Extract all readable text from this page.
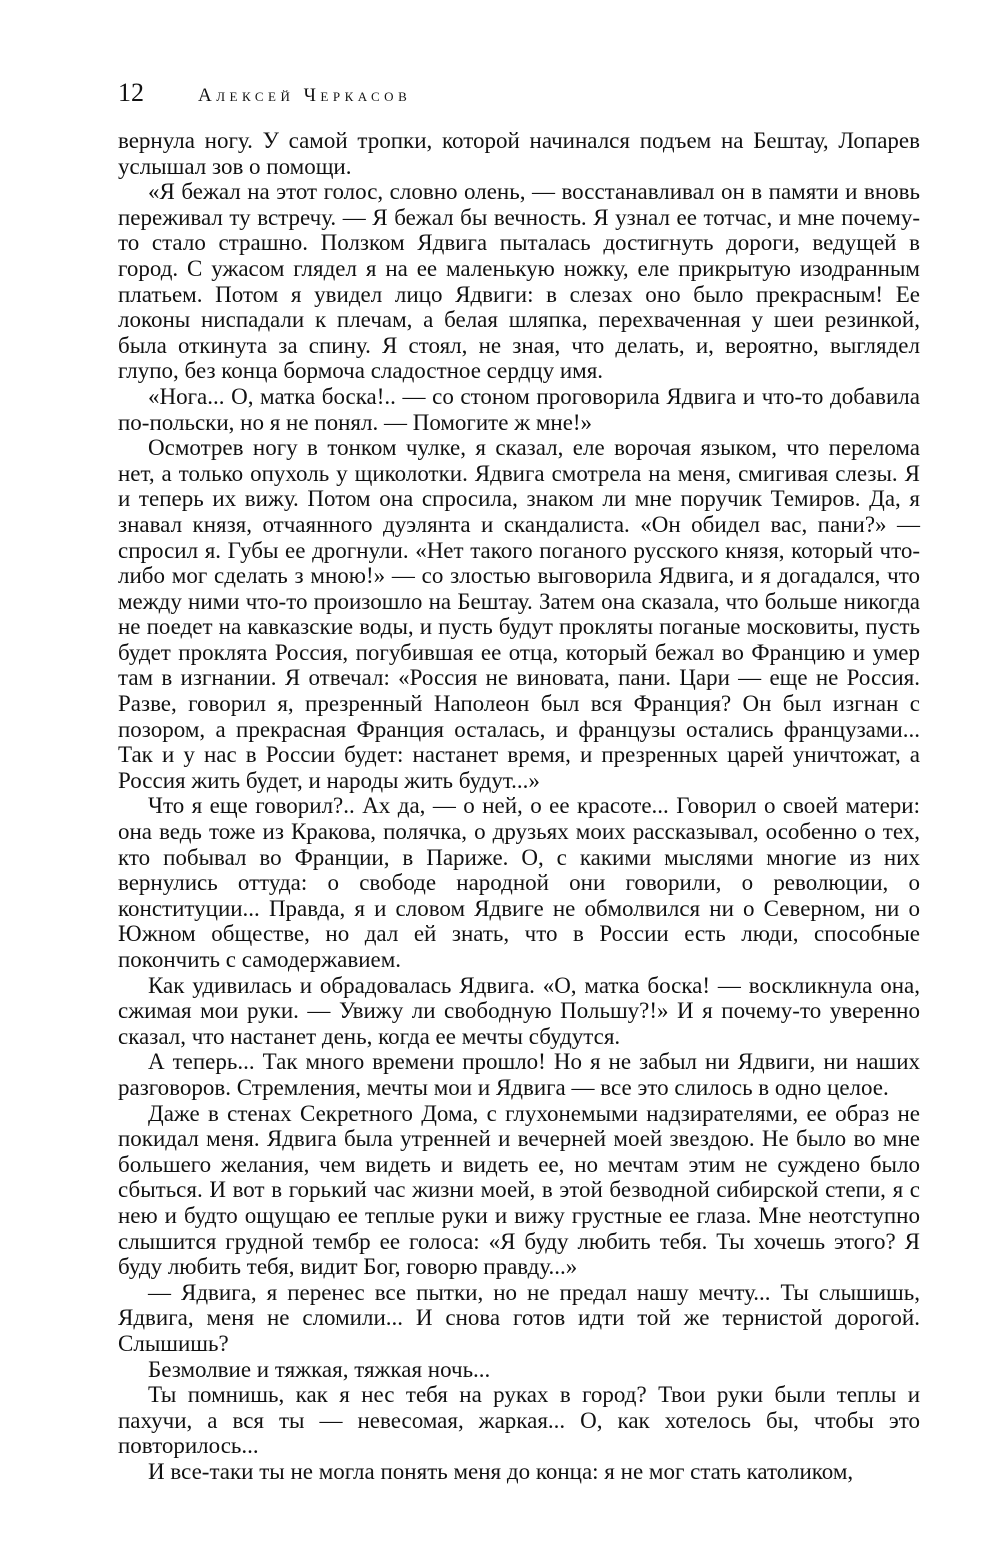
12	Алексей Черкасов

вернула ногу. У самой тропки, которой начинался подъем на Бештау, Лопарев услышал зов о помощи.

«Я бежал на этот голос, словно олень, — восстанавливал он в памяти и вновь переживал ту встречу. — Я бежал бы вечность. Я узнал ее тотчас, и мне почему-то стало страшно. Ползком Ядвига пыталась достигнуть дороги, ведущей в город. С ужасом глядел я на ее маленькую ножку, еле прикрытую изодранным платьем. Потом я увидел лицо Ядвиги: в слезах оно было прекрасным! Ее локоны ниспадали к плечам, а белая шляпка, перехваченная у шеи резинкой, была откинута за спину. Я стоял, не зная, что делать, и, вероятно, выглядел глупо, без конца бормоча сладостное сердцу имя.

«Нога... О, матка боска!.. — со стоном проговорила Ядвига и что-то добавила по-польски, но я не понял. — Помогите ж мне!»

Осмотрев ногу в тонком чулке, я сказал, еле ворочая языком, что перелома нет, а только опухоль у щиколотки. Ядвига смотрела на меня, смигивая слезы. Я и теперь их вижу. Потом она спросила, знаком ли мне поручик Темиров. Да, я знавал князя, отчаянного дуэлянта и скандалиста. «Он обидел вас, пани?» — спросил я. Губы ее дрогнули. «Нет такого поганого русского князя, который что-либо мог сделать з мною!» — со злостью выговорила Ядвига, и я догадался, что между ними что-то произошло на Бештау. Затем она сказала, что больше никогда не поедет на кавказские воды, и пусть будут прокляты поганые московиты, пусть будет проклята Россия, погубившая ее отца, который бежал во Францию и умер там в изгнании. Я отвечал: «Россия не виновата, пани. Цари — еще не Россия. Разве, говорил я, презренный Наполеон был вся Франция? Он был изгнан с позором, а прекрасная Франция осталась, и французы остались французами... Так и у нас в России будет: настанет время, и презренных царей уничтожат, а Россия жить будет, и народы жить будут...»

Что я еще говорил?.. Ах да, — о ней, о ее красоте... Говорил о своей матери: она ведь тоже из Кракова, полячка, о друзьях моих рассказывал, особенно о тех, кто побывал во Франции, в Париже. О, с какими мыслями многие из них вернулись оттуда: о свободе народной они говорили, о революции, о конституции... Правда, я и словом Ядвиге не обмолвился ни о Северном, ни о Южном обществе, но дал ей знать, что в России есть люди, способные покончить с самодержавием.

Как удивилась и обрадовалась Ядвига. «О, матка боска! — воскликнула она, сжимая мои руки. — Увижу ли свободную Польшу?!» И я почему-то уверенно сказал, что настанет день, когда ее мечты сбудутся.

А теперь... Так много времени прошло! Но я не забыл ни Ядвиги, ни наших разговоров. Стремления, мечты мои и Ядвига — все это слилось в одно целое.

Даже в стенах Секретного Дома, с глухонемыми надзирателями, ее образ не покидал меня. Ядвига была утренней и вечерней моей звездою. Не было во мне большего желания, чем видеть и видеть ее, но мечтам этим не суждено было сбыться. И вот в горький час жизни моей, в этой безводной сибирской степи, я с нею и будто ощущаю ее теплые руки и вижу грустные ее глаза. Мне неотступно слышится грудной тембр ее голоса: «Я буду любить тебя. Ты хочешь этого? Я буду любить тебя, видит Бог, говорю правду...»

— Ядвига, я перенес все пытки, но не предал нашу мечту... Ты слышишь, Ядвига, меня не сломили... И снова готов идти той же тернистой дорогой. Слышишь?

Безмолвие и тяжкая, тяжкая ночь...

Ты помнишь, как я нес тебя на руках в город? Твои руки были теплы и пахучи, а вся ты — невесомая, жаркая... О, как хотелось бы, чтобы это повторилось...

И все-таки ты не могла понять меня до конца: я не мог стать католиком,
